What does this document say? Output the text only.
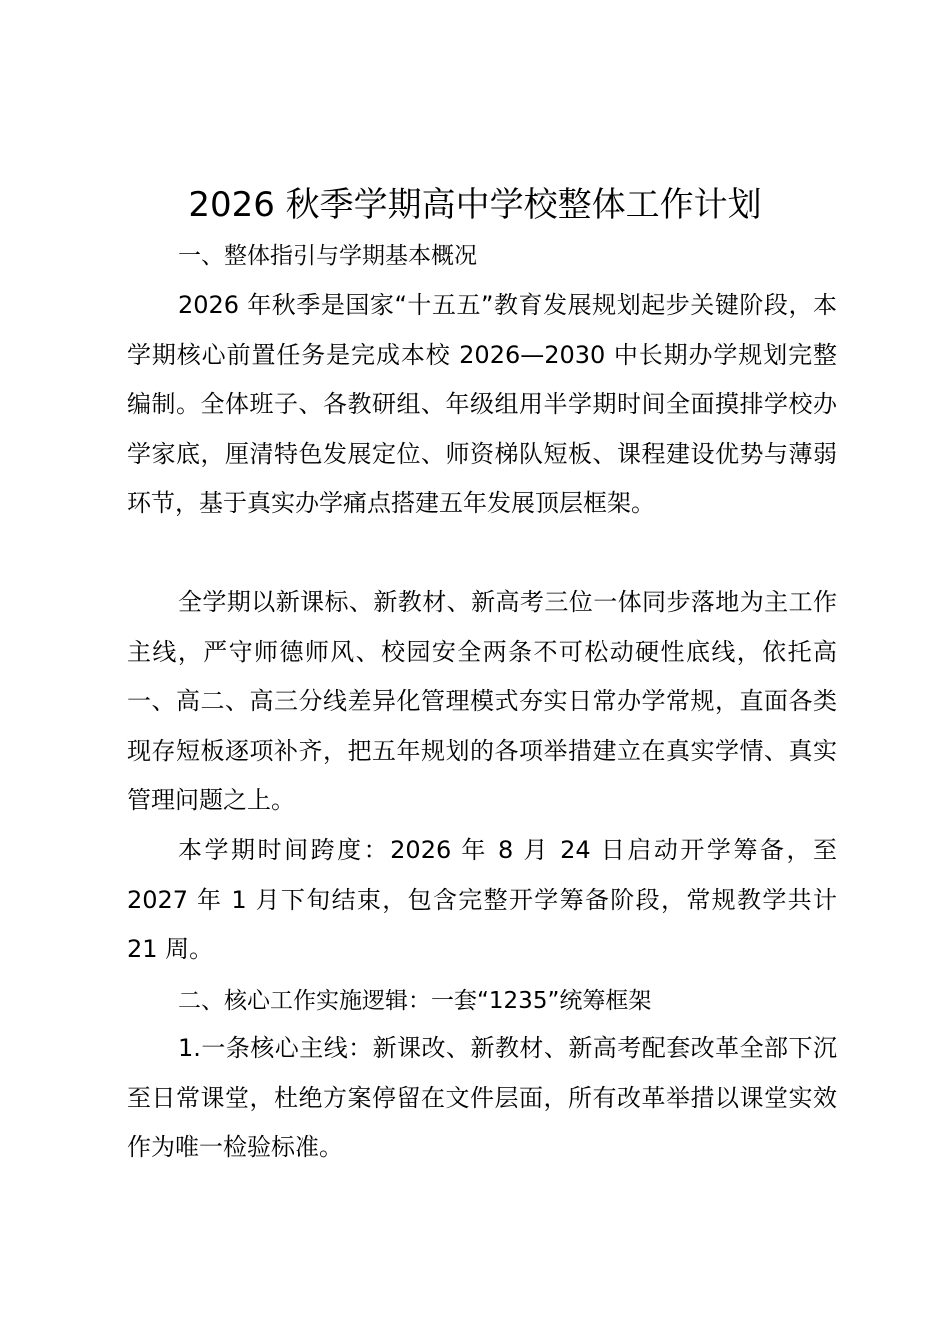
2026 秋季学期高中学校整体工作计划
一、整体指引与学期基本概况

2026 年秋季是国家“十五五”教育发展规划起步关键阶段，本学期核心前置任务是完成本校 2026—2030 中长期办学规划完整编制。全体班子、各教研组、年级组用半学期时间全面摸排学校办学家底，厘清特色发展定位、师资梯队短板、课程建设优势与薄弱环节，基于真实办学痛点搭建五年发展顶层框架。

全学期以新课标、新教材、新高考三位一体同步落地为主工作主线，严守师德师风、校园安全两条不可松动硬性底线，依托高一、高二、高三分线差异化管理模式夯实日常办学常规，直面各类现存短板逐项补齐，把五年规划的各项举措建立在真实学情、真实管理问题之上。

本学期时间跨度：2026 年 8 月 24 日启动开学筹备，至 2027 年 1 月下旬结束，包含完整开学筹备阶段，常规教学共计 21 周。

二、核心工作实施逻辑：一套“1235”统筹框架

1.一条核心主线：新课改、新教材、新高考配套改革全部下沉至日常课堂，杜绝方案停留在文件层面，所有改革举措以课堂实效作为唯一检验标准。
